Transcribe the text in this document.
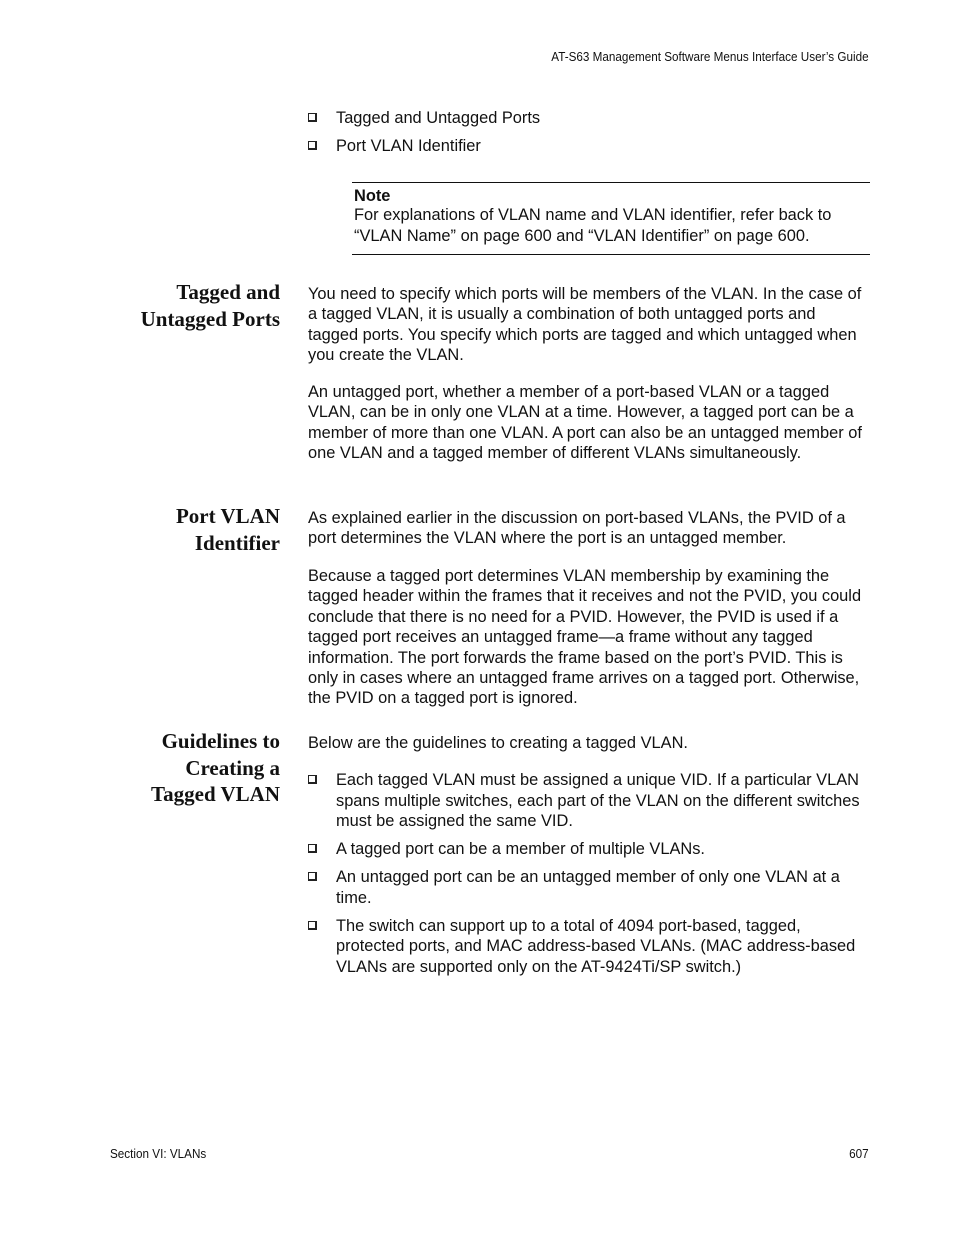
AT-S63 Management Software Menus Interface User’s Guide
Tagged and Untagged Ports
Port VLAN Identifier
Note
For explanations of VLAN name and VLAN identifier, refer back to “VLAN Name” on page 600 and “VLAN Identifier” on page 600.
Tagged and
Untagged Ports

You need to specify which ports will be members of the VLAN. In the case of a tagged VLAN, it is usually a combination of both untagged ports and tagged ports. You specify which ports are tagged and which untagged when you create the VLAN.

An untagged port, whether a member of a port-based VLAN or a tagged VLAN, can be in only one VLAN at a time. However, a tagged port can be a member of more than one VLAN. A port can also be an untagged member of one VLAN and a tagged member of different VLANs simultaneously.

Port VLAN
Identifier

As explained earlier in the discussion on port-based VLANs, the PVID of a port determines the VLAN where the port is an untagged member.

Because a tagged port determines VLAN membership by examining the tagged header within the frames that it receives and not the PVID, you could conclude that there is no need for a PVID. However, the PVID is used if a tagged port receives an untagged frame—a frame without any tagged information. The port forwards the frame based on the port’s PVID. This is only in cases where an untagged frame arrives on a tagged port. Otherwise, the PVID on a tagged port is ignored.

Guidelines to
Creating a
Tagged VLAN

Below are the guidelines to creating a tagged VLAN.

Each tagged VLAN must be assigned a unique VID. If a particular VLAN spans multiple switches, each part of the VLAN on the different switches must be assigned the same VID.
A tagged port can be a member of multiple VLANs.
An untagged port can be an untagged member of only one VLAN at a time.
The switch can support up to a total of 4094 port-based, tagged, protected ports, and MAC address-based VLANs. (MAC address-based VLANs are supported only on the AT-9424Ti/SP switch.)
Section VI: VLANs	607
